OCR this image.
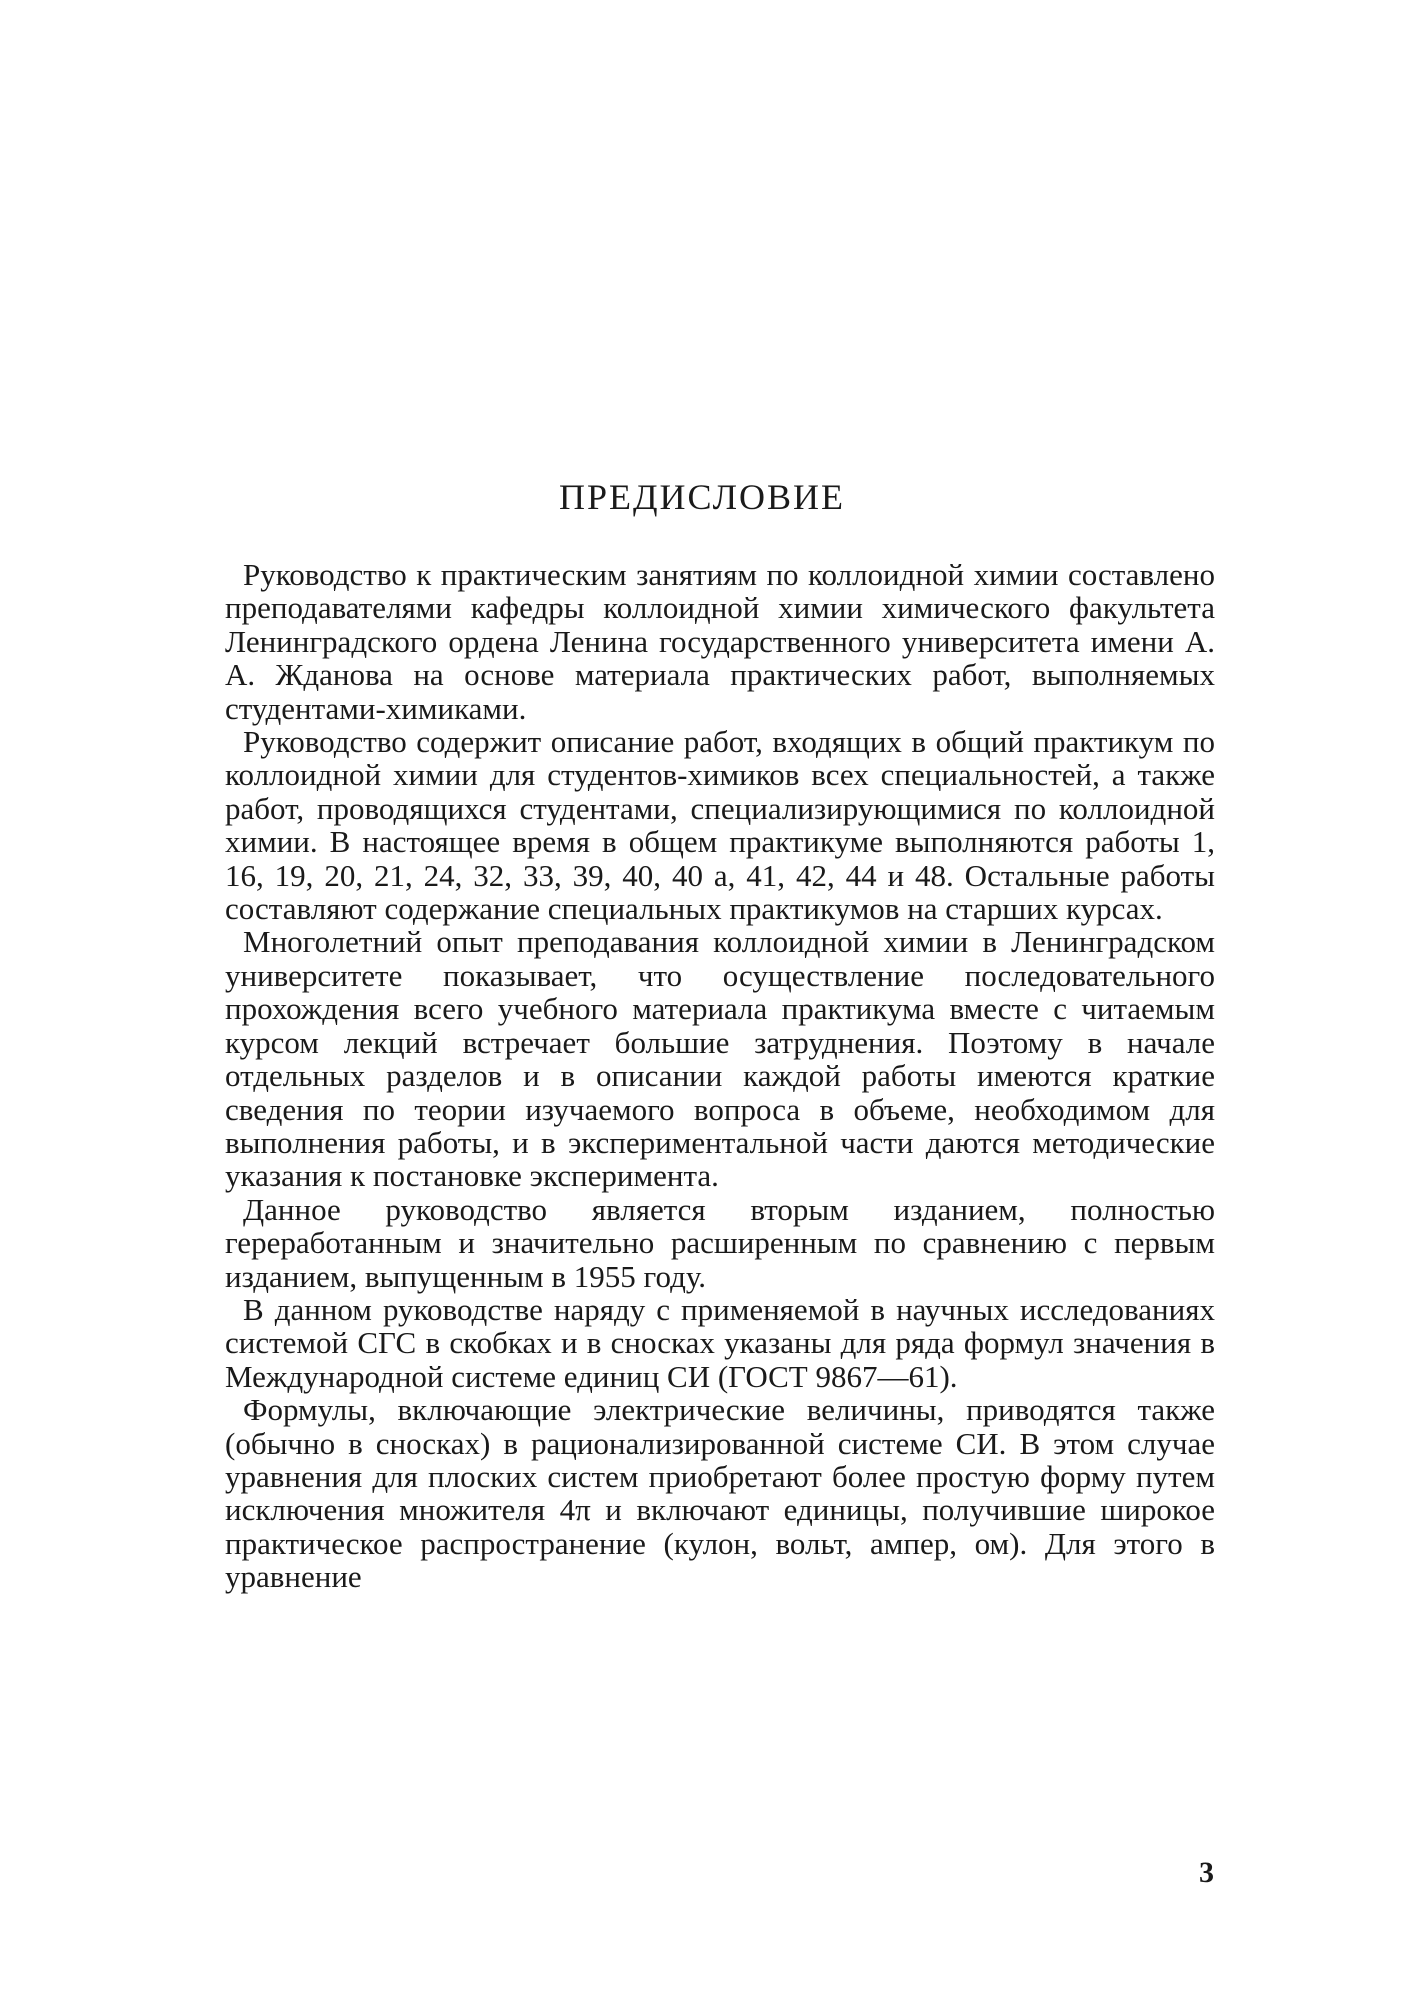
ПРЕДИСЛОВИЕ

Руководство к практическим занятиям по коллоидной химии составлено преподавателями кафедры коллоидной химии химического факультета Ленинградского ордена Ленина государственного университета имени А. А. Жданова на основе материала практических работ, выполняемых студентами-химиками.

Руководство содержит описание работ, входящих в общий практикум по коллоидной химии для студентов-химиков всех специальностей, а также работ, проводящихся студентами, специализирующимися по коллоидной химии. В настоящее время в общем практикуме выполняются работы 1, 16, 19, 20, 21, 24, 32, 33, 39, 40, 40 а, 41, 42, 44 и 48. Остальные работы составляют содержание специальных практикумов на старших курсах.

Многолетний опыт преподавания коллоидной химии в Ленинградском университете показывает, что осуществление последовательного прохождения всего учебного материала практикума вместе с читаемым курсом лекций встречает большие затруднения. Поэтому в начале отдельных разделов и в описании каждой работы имеются краткие сведения по теории изучаемого вопроса в объеме, необходимом для выполнения работы, и в экспериментальной части даются методические указания к постановке эксперимента.

Данное руководство является вторым изданием, полностью гереработанным и значительно расширенным по сравнению с первым изданием, выпущенным в 1955 году.

В данном руководстве наряду с применяемой в научных исследованиях системой СГС в скобках и в сносках указаны для ряда формул значения в Международной системе единиц СИ (ГОСТ 9867—61).

Формулы, включающие электрические величины, приводятся также (обычно в сносках) в рационализированной системе СИ. В этом случае уравнения для плоских систем приобретают более простую форму путем исключения множителя 4π и включают единицы, получившие широкое практическое распространение (кулон, вольт, ампер, ом). Для этого в уравнение

3
